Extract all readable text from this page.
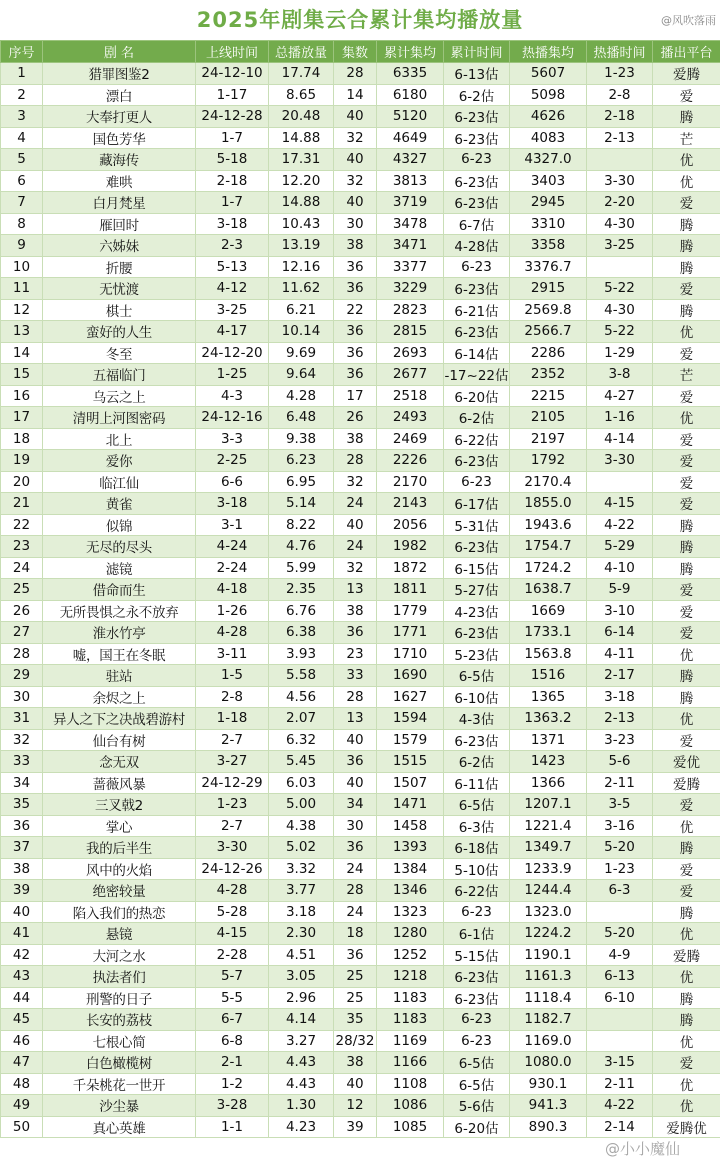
2025年剧集云合累计集均播放量	@风吹落雨
序号	剧 名	上线时间	总播放量	集数	累计集均	累计时间	热播集均	热播时间	播出平台
1	猎罪图鉴2	24-12-10	17.74	28	6335	6-13估	5607	1-23	爱腾
2	漂白	1-17	8.65	14	6180	6-2估	5098	2-8	爱
3	大奉打更人	24-12-28	20.48	40	5120	6-23估	4626	2-18	腾
4	国色芳华	1-7	14.88	32	4649	6-23估	4083	2-13	芒
5	藏海传	5-18	17.31	40	4327	6-23	4327.0		优
6	难哄	2-18	12.20	32	3813	6-23估	3403	3-30	优
7	白月梵星	1-7	14.88	40	3719	6-23估	2945	2-20	爱
8	雁回时	3-18	10.43	30	3478	6-7估	3310	4-30	腾
9	六姊妹	2-3	13.19	38	3471	4-28估	3358	3-25	腾
10	折腰	5-13	12.16	36	3377	6-23	3376.7		腾
11	无忧渡	4-12	11.62	36	3229	6-23估	2915	5-22	爱
12	棋士	3-25	6.21	22	2823	6-21估	2569.8	4-30	腾
13	蛮好的人生	4-17	10.14	36	2815	6-23估	2566.7	5-22	优
14	冬至	24-12-20	9.69	36	2693	6-14估	2286	1-29	爱
15	五福临门	1-25	9.64	36	2677	-17~22估	2352	3-8	芒
16	乌云之上	4-3	4.28	17	2518	6-20估	2215	4-27	爱
17	清明上河图密码	24-12-16	6.48	26	2493	6-2估	2105	1-16	优
18	北上	3-3	9.38	38	2469	6-22估	2197	4-14	爱
19	爱你	2-25	6.23	28	2226	6-23估	1792	3-30	爱
20	临江仙	6-6	6.95	32	2170	6-23	2170.4		爱
21	黄雀	3-18	5.14	24	2143	6-17估	1855.0	4-15	爱
22	似锦	3-1	8.22	40	2056	5-31估	1943.6	4-22	腾
23	无尽的尽头	4-24	4.76	24	1982	6-23估	1754.7	5-29	腾
24	滤镜	2-24	5.99	32	1872	6-15估	1724.2	4-10	腾
25	借命而生	4-18	2.35	13	1811	5-27估	1638.7	5-9	爱
26	无所畏惧之永不放弃	1-26	6.76	38	1779	4-23估	1669	3-10	爱
27	淮水竹亭	4-28	6.38	36	1771	6-23估	1733.1	6-14	爱
28	嘘，国王在冬眠	3-11	3.93	23	1710	5-23估	1563.8	4-11	优
29	驻站	1-5	5.58	33	1690	6-5估	1516	2-17	腾
30	余烬之上	2-8	4.56	28	1627	6-10估	1365	3-18	腾
31	异人之下之决战碧游村	1-18	2.07	13	1594	4-3估	1363.2	2-13	优
32	仙台有树	2-7	6.32	40	1579	6-23估	1371	3-23	爱
33	念无双	3-27	5.45	36	1515	6-2估	1423	5-6	爱优
34	蔷薇风暴	24-12-29	6.03	40	1507	6-11估	1366	2-11	爱腾
35	三叉戟2	1-23	5.00	34	1471	6-5估	1207.1	3-5	爱
36	掌心	2-7	4.38	30	1458	6-3估	1221.4	3-16	优
37	我的后半生	3-30	5.02	36	1393	6-18估	1349.7	5-20	腾
38	风中的火焰	24-12-26	3.32	24	1384	5-10估	1233.9	1-23	爱
39	绝密较量	4-28	3.77	28	1346	6-22估	1244.4	6-3	爱
40	陷入我们的热恋	5-28	3.18	24	1323	6-23	1323.0		腾
41	悬镜	4-15	2.30	18	1280	6-1估	1224.2	5-20	优
42	大河之水	2-28	4.51	36	1252	5-15估	1190.1	4-9	爱腾
43	执法者们	5-7	3.05	25	1218	6-23估	1161.3	6-13	优
44	刑警的日子	5-5	2.96	25	1183	6-23估	1118.4	6-10	腾
45	长安的荔枝	6-7	4.14	35	1183	6-23	1182.7		腾
46	七根心简	6-8	3.27	28/32	1169	6-23	1169.0		优
47	白色橄榄树	2-1	4.43	38	1166	6-5估	1080.0	3-15	爱
48	千朵桃花一世开	1-2	4.43	40	1108	6-5估	930.1	2-11	优
49	沙尘暴	3-28	1.30	12	1086	5-6估	941.3	4-22	优
50	真心英雄	1-1	4.23	39	1085	6-20估	890.3	2-14	爱腾优
@小小魔仙
